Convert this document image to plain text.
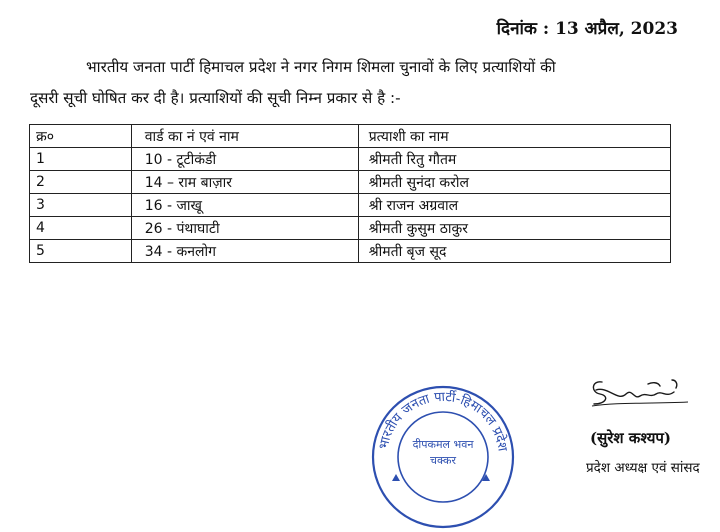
दिनांक : 13 अप्रैल, 2023
भारतीय जनता पार्टी हिमाचल प्रदेश ने नगर निगम शिमला चुनावों के लिए प्रत्याशियों की
दूसरी सूची घोषित कर दी है। प्रत्याशियों की सूची निम्न प्रकार से है :-
क्र०	वार्ड का नं एवं नाम	प्रत्याशी का नाम
1	10 - टूटीकंडी	श्रीमती रितु गौतम
2	14 – राम बाज़ार	श्रीमती सुनंदा करोल
3	16 - जाखू	श्री राजन अग्रवाल
4	26 - पंथाघाटी	श्रीमती कुसुम ठाकुर
5	34 - कनलोग	श्रीमती बृज सूद
भारतीय जनता पार्टी-हिमाचल प्रदेश
दीपकमल भवन
चक्कर
(सुरेश कश्यप)
प्रदेश अध्यक्ष एवं सांसद
